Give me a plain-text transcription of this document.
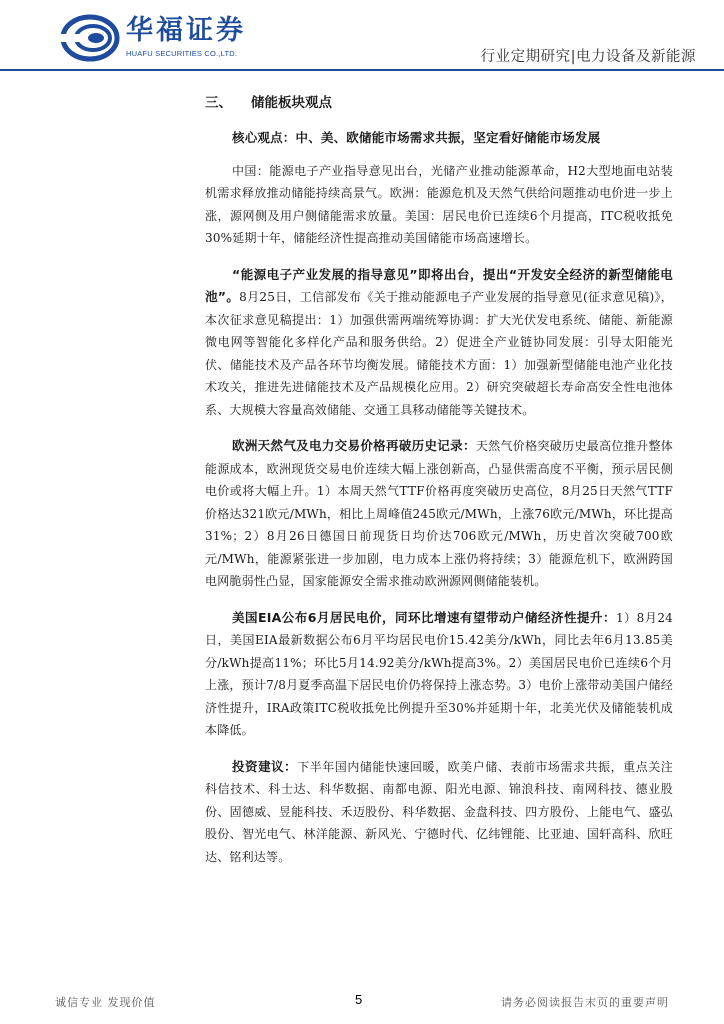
华福证券
HUAFU SECURITIES CO.,LTD.	行业定期研究|电力设备及新能源
三、 储能板块观点

核心观点：中、美、欧储能市场需求共振，坚定看好储能市场发展

中国：能源电子产业指导意见出台，光储产业推动能源革命，H2大型地面电站装机需求释放推动储能持续高景气。欧洲：能源危机及天然气供给问题推动电价进一步上涨，源网侧及用户侧储能需求放量。美国：居民电价已连续6个月提高，ITC税收抵免30%延期十年，储能经济性提高推动美国储能市场高速增长。

“能源电子产业发展的指导意见”即将出台，提出“开发安全经济的新型储能电池”。8月25日，工信部发布《关于推动能源电子产业发展的指导意见(征求意见稿)》，本次征求意见稿提出：1）加强供需两端统筹协调：扩大光伏发电系统、储能、新能源微电网等智能化多样化产品和服务供给。2）促进全产业链协同发展：引导太阳能光伏、储能技术及产品各环节均衡发展。储能技术方面：1）加强新型储能电池产业化技术攻关，推进先进储能技术及产品规模化应用。2）研究突破超长寿命高安全性电池体系、大规模大容量高效储能、交通工具移动储能等关键技术。

欧洲天然气及电力交易价格再破历史记录：天然气价格突破历史最高位推升整体能源成本，欧洲现货交易电价连续大幅上涨创新高，凸显供需高度不平衡，预示居民侧电价或将大幅上升。1）本周天然气TTF价格再度突破历史高位，8月25日天然气TTF价格达321欧元/MWh，相比上周峰值245欧元/MWh，上涨76欧元/MWh，环比提高31%；2）8月26日德国日前现货日均价达706欧元/MWh，历史首次突破700欧元/MWh，能源紧张进一步加剧，电力成本上涨仍将持续；3）能源危机下，欧洲跨国电网脆弱性凸显，国家能源安全需求推动欧洲源网侧储能装机。

美国EIA公布6月居民电价，同环比增速有望带动户储经济性提升：1）8月24日，美国EIA最新数据公布6月平均居民电价15.42美分/kWh，同比去年6月13.85美分/kWh提高11%；环比5月14.92美分/kWh提高3%。2）美国居民电价已连续6个月上涨，预计7/8月夏季高温下居民电价仍将保持上涨态势。3）电价上涨带动美国户储经济性提升，IRA政策ITC税收抵免比例提升至30%并延期十年，北美光伏及储能装机成本降低。

投资建议：下半年国内储能快速回暖，欧美户储、表前市场需求共振，重点关注科信技术、科士达、科华数据、南都电源、阳光电源、锦浪科技、南网科技、德业股份、固德威、昱能科技、禾迈股份、科华数据、金盘科技、四方股份、上能电气、盛弘股份、智光电气、林洋能源、新风光、宁德时代、亿纬锂能、比亚迪、国轩高科、欣旺达、铭利达等。

诚信专业 发现价值	5	请务必阅读报告末页的重要声明
